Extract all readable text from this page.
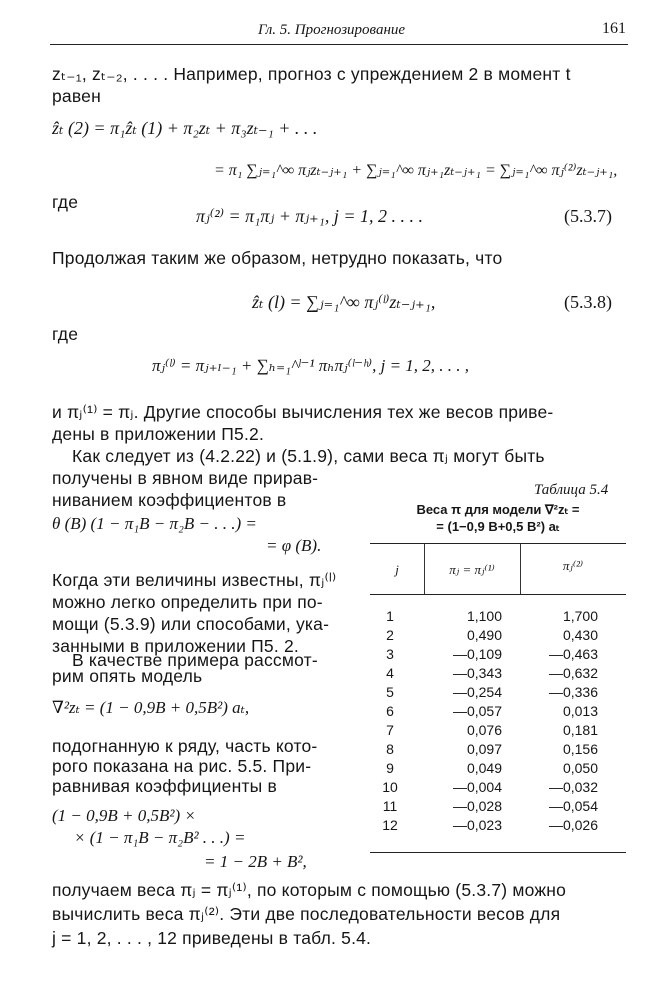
Гл. 5. Прогнозирование	161
zₜ₋₁, zₜ₋₂, . . . . Например, прогноз с упреждением 2 в момент t
равен
ẑₜ (2) = π₁ẑₜ (1) + π₂zₜ + π₃zₜ₋₁ + . . .
= π₁ ∑ⱼ₌₁^∞ πⱼzₜ₋ⱼ₊₁ + ∑ⱼ₌₁^∞ πⱼ₊₁zₜ₋ⱼ₊₁ = ∑ⱼ₌₁^∞ πⱼ⁽²⁾zₜ₋ⱼ₊₁,
где
πⱼ⁽²⁾ = π₁πⱼ + πⱼ₊₁, j = 1, 2 . . . .	(5.3.7)
Продолжая таким же образом, нетрудно показать, что
ẑₜ (l) = ∑ⱼ₌₁^∞ πⱼ⁽ˡ⁾zₜ₋ⱼ₊₁,	(5.3.8)
где
πⱼ⁽ˡ⁾ = πⱼ₊ₗ₋₁ + ∑ₕ₌₁^ˡ⁻¹ πₕπⱼ⁽ˡ⁻ʰ⁾, j = 1, 2, . . . ,
и πⱼ⁽¹⁾ = πⱼ. Другие способы вычисления тех же весов приве-
дены в приложении П5.2.
Как следует из (4.2.22) и (5.1.9), сами веса πⱼ могут быть
получены в явном виде прирав-
ниванием коэффициентов в
θ (B) (1 − π₁B − π₂B − . . .) =
= φ (B).
Когда эти величины известны, πⱼ⁽ˡ⁾
можно легко определить при по-
мощи (5.3.9) или способами, ука-
занными в приложении П5. 2.
В качестве примера рассмот-
рим опять модель
∇²zₜ = (1 − 0,9B + 0,5B²) aₜ,
подогнанную к ряду, часть кото-
рого показана на рис. 5.5. При-
равнивая коэффициенты в
(1 − 0,9B + 0,5B²) ×
× (1 − π₁B − π₂B² . . .) =
= 1 − 2B + B²,
получаем веса πⱼ = πⱼ⁽¹⁾, по которым с помощью (5.3.7) можно
вычислить веса πⱼ⁽²⁾. Эти две последовательности весов для
j = 1, 2, . . . , 12 приведены в табл. 5.4.
Таблица 5.4
Веса π для модели ∇²zₜ =
= (1−0,9 B+0,5 B²) aₜ
j	πⱼ = πⱼ⁽¹⁾	πⱼ⁽²⁾
1	1,100	1,700
2	0,490	0,430
3	—0,109	—0,463
4	—0,343	—0,632
5	—0,254	—0,336
6	—0,057	0,013
7	0,076	0,181
8	0,097	0,156
9	0,049	0,050
10	—0,004	—0,032
11	—0,028	—0,054
12	—0,023	—0,026
